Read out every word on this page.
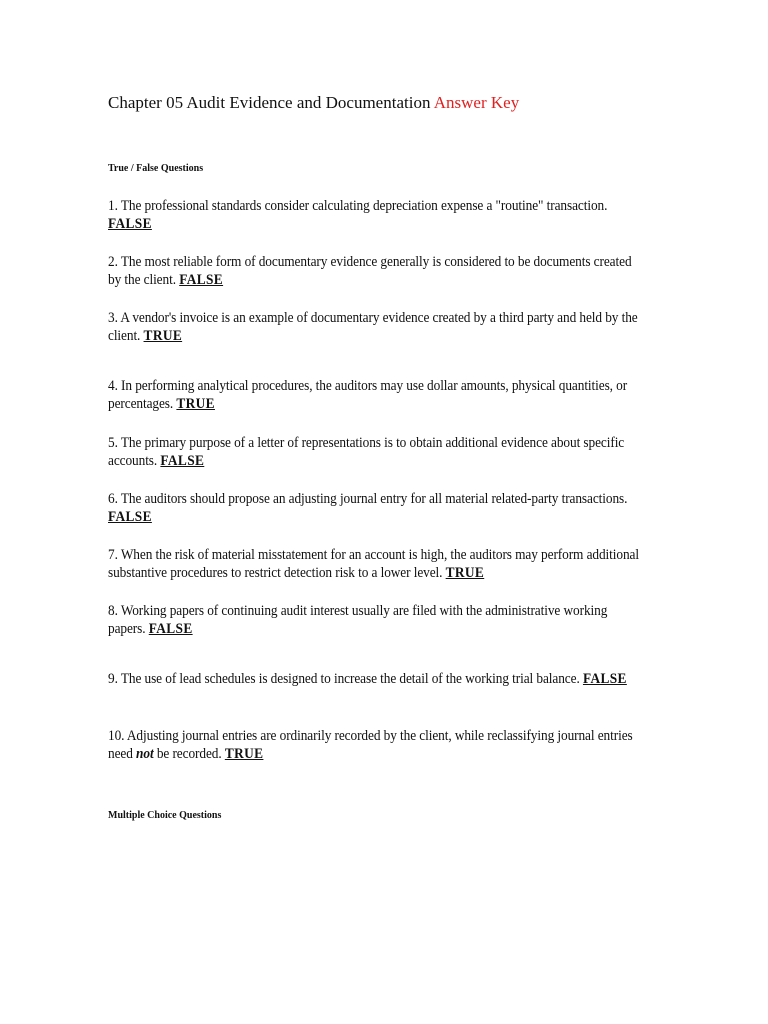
Chapter 05 Audit Evidence and Documentation Answer Key
True / False Questions
1. The professional standards consider calculating depreciation expense a "routine" transaction. FALSE
2. The most reliable form of documentary evidence generally is considered to be documents created by the client. FALSE
3. A vendor's invoice is an example of documentary evidence created by a third party and held by the client. TRUE
4. In performing analytical procedures, the auditors may use dollar amounts, physical quantities, or percentages. TRUE
5. The primary purpose of a letter of representations is to obtain additional evidence about specific accounts. FALSE
6. The auditors should propose an adjusting journal entry for all material related-party transactions. FALSE
7. When the risk of material misstatement for an account is high, the auditors may perform additional substantive procedures to restrict detection risk to a lower level. TRUE
8. Working papers of continuing audit interest usually are filed with the administrative working papers. FALSE
9. The use of lead schedules is designed to increase the detail of the working trial balance. FALSE
10. Adjusting journal entries are ordinarily recorded by the client, while reclassifying journal entries need not be recorded. TRUE
Multiple Choice Questions
